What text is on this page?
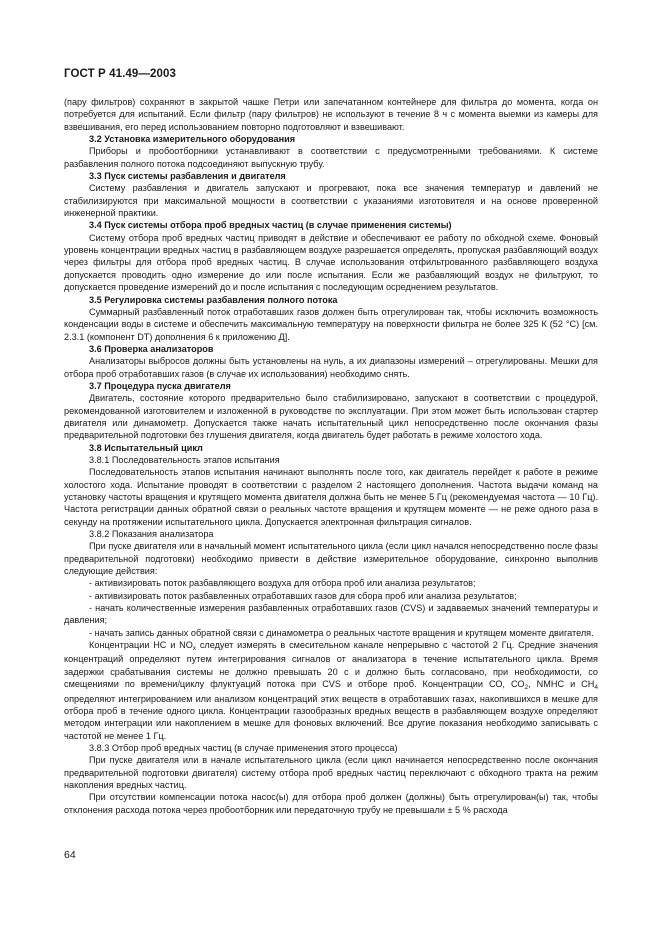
ГОСТ Р 41.49—2003

(пару фильтров) сохраняют в закрытой чашке Петри или запечатанном контейнере для фильтра до момента, когда он потребуется для испытаний. Если фильтр (пару фильтров) не используют в течение 8 ч с момента выемки из камеры для взвешивания, его перед использованием повторно подготовляют и взвешивают.

3.2 Установка измерительного оборудования

Приборы и пробоотборники устанавливают в соответствии с предусмотренными требованиями. К системе разбавления полного потока подсоединяют выпускную трубу.

3.3 Пуск системы разбавления и двигателя

Систему разбавления и двигатель запускают и прогревают, пока все значения температур и давлений не стабилизируются при максимальной мощности в соответствии с указаниями изготовителя и на основе проверенной инженерной практики.

3.4 Пуск системы отбора проб вредных частиц (в случае применения системы)

Систему отбора проб вредных частиц приводят в действие и обеспечивают ее работу по обходной схеме. Фоновый уровень концентрации вредных частиц в разбавляющем воздухе разрешается определять, пропуская разбавляющий воздух через фильтры для отбора проб вредных частиц. В случае использования отфильтрованного разбавляющего воздуха допускается проводить одно измерение до или после испытания. Если же разбавляющий воздух не фильтруют, то допускается проведение измерений до и после испытания с последующим осреднением результатов.

3.5 Регулировка системы разбавления полного потока

Суммарный разбавленный поток отработавших газов должен быть отрегулирован так, чтобы исключить возможность конденсации воды в системе и обеспечить максимальную температуру на поверхности фильтра не более 325 К (52 °С) [см. 2.3.1 (компонент DT) дополнения 6 к приложению Д].

3.6 Проверка анализаторов

Анализаторы выбросов должны быть установлены на нуль, а их диапазоны измерений – отрегулированы. Мешки для отбора проб отработавших газов (в случае их использования) необходимо снять.

3.7 Процедура пуска двигателя

Двигатель, состояние которого предварительно было стабилизировано, запускают в соответствии с процедурой, рекомендованной изготовителем и изложенной в руководстве по эксплуатации. При этом может быть использован стартер двигателя или динамометр. Допускается также начать испытательный цикл непосредственно после окончания фазы предварительной подготовки без глушения двигателя, когда двигатель будет работать в режиме холостого хода.

3.8 Испытательный цикл

3.8.1 Последовательность этапов испытания

Последовательность этапов испытания начинают выполнять после того, как двигатель перейдет к работе в режиме холостого хода. Испытание проводят в соответствии с разделом 2 настоящего дополнения. Частота выдачи команд на установку частоты вращения и крутящего момента двигателя должна быть не менее 5 Гц (рекомендуемая частота — 10 Гц). Частота регистрации данных обратной связи о реальных частоте вращения и крутящем моменте — не реже одного раза в секунду на протяжении испытательного цикла. Допускается электронная фильтрация сигналов.

3.8.2 Показания анализатора

При пуске двигателя или в начальный момент испытательного цикла (если цикл начался непосредственно после фазы предварительной подготовки) необходимо привести в действие измерительное оборудование, синхронно выполнив следующие действия:

- активизировать поток разбавляющего воздуха для отбора проб или анализа результатов;

- активизировать поток разбавленных отработавших газов для сбора проб или анализа результатов;

- начать количественные измерения разбавленных отработавших газов (CVS) и задаваемых значений температуры и давления;

- начать запись данных обратной связи с динамометра о реальных частоте вращения и крутящем моменте двигателя.

Концентрации НС и $NO_x$ следует измерять в смесительном канале непрерывно с частотой 2 Гц. Средние значения концентраций определяют путем интегрирования сигналов от анализатора в течение испытательного цикла. Время задержки срабатывания системы не должно превышать 20 с и должно быть согласовано, при необходимости, со смещениями по времени/циклу флуктуаций потока при CVS и отборе проб. Концентрации СО, $СО_2$, NMHC и $CH_4$ определяют интегрированием или анализом концентраций этих веществ в отработавших газах, накопившихся в мешке для отбора проб в течение одного цикла. Концентрации газообразных вредных веществ в разбавляющем воздухе определяют методом интеграции или накоплением в мешке для фоновых включений. Все другие показания необходимо записывать с частотой не менее 1 Гц.

3.8.3 Отбор проб вредных частиц (в случае применения этого процесса)

При пуске двигателя или в начале испытательного цикла (если цикл начинается непосредственно после окончания предварительной подготовки двигателя) систему отбора проб вредных частиц переключают с обходного тракта на режим накопления вредных частиц.

При отсутствии компенсации потока насос(ы) для отбора проб должен (должны) быть отрегулирован(ы) так, чтобы отклонения расхода потока через пробоотборник или передаточную трубу не превышали ± 5 % расхода

64
